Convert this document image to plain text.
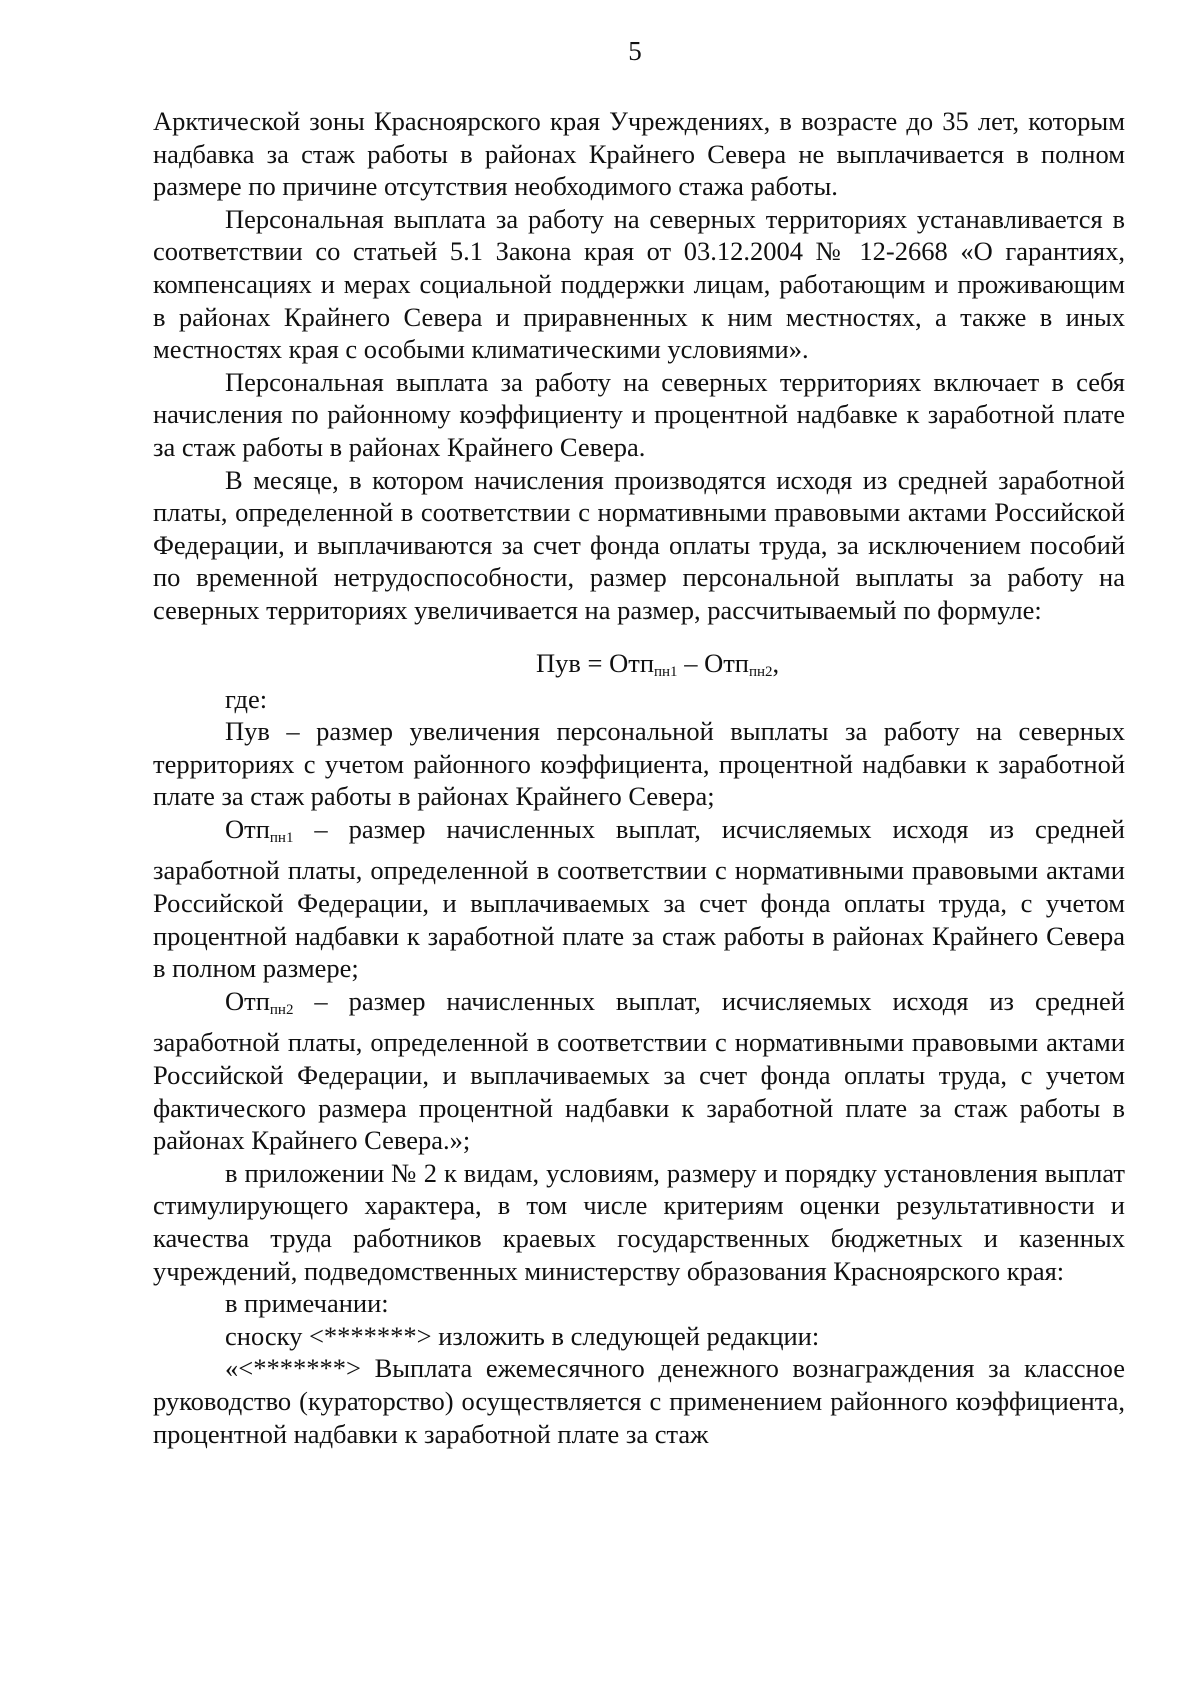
5

Арктической зоны Красноярского края Учреждениях, в возрасте до 35 лет, которым надбавка за стаж работы в районах Крайнего Севера не выплачивается в полном размере по причине отсутствия необходимого стажа работы.

Персональная выплата за работу на северных территориях устанавливается в соответствии со статьей 5.1 Закона края от 03.12.2004 № 12-2668 «О гарантиях, компенсациях и мерах социальной поддержки лицам, работающим и проживающим в районах Крайнего Севера и приравненных к ним местностях, а также в иных местностях края с особыми климатическими условиями».

Персональная выплата за работу на северных территориях включает в себя начисления по районному коэффициенту и процентной надбавке к заработной плате за стаж работы в районах Крайнего Севера.

В месяце, в котором начисления производятся исходя из средней заработной платы, определенной в соответствии с нормативными правовыми актами Российской Федерации, и выплачиваются за счет фонда оплаты труда, за исключением пособий по временной нетрудоспособности, размер персональной выплаты за работу на северных территориях увеличивается на размер, рассчитываемый по формуле:

Пув = Отп$_{пн1}$ – Отп$_{пн2}$,

где:

Пув – размер увеличения персональной выплаты за работу на северных территориях с учетом районного коэффициента, процентной надбавки к заработной плате за стаж работы в районах Крайнего Севера;

Отп$_{пн1}$ – размер начисленных выплат, исчисляемых исходя из средней заработной платы, определенной в соответствии с нормативными правовыми актами Российской Федерации, и выплачиваемых за счет фонда оплаты труда, с учетом процентной надбавки к заработной плате за стаж работы в районах Крайнего Севера в полном размере;

Отп$_{пн2}$ – размер начисленных выплат, исчисляемых исходя из средней заработной платы, определенной в соответствии с нормативными правовыми актами Российской Федерации, и выплачиваемых за счет фонда оплаты труда, с учетом фактического размера процентной надбавки к заработной плате за стаж работы в районах Крайнего Севера.»;

в приложении № 2 к видам, условиям, размеру и порядку установления выплат стимулирующего характера, в том числе критериям оценки результативности и качества труда работников краевых государственных бюджетных и казенных учреждений, подведомственных министерству образования Красноярского края:

в примечании:

сноску <*******> изложить в следующей редакции:

«<*******> Выплата ежемесячного денежного вознаграждения за классное руководство (кураторство) осуществляется с применением районного коэффициента, процентной надбавки к заработной плате за стаж
